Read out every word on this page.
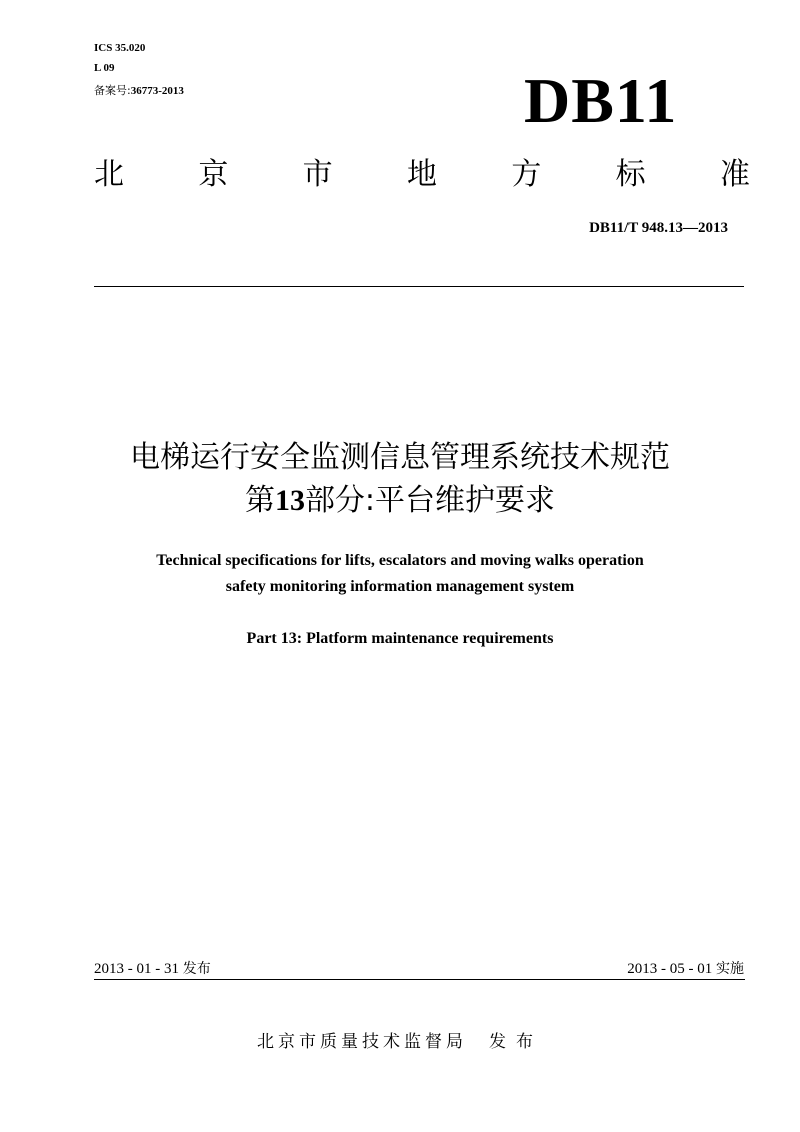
ICS 35.020
L 09
备案号:36773-2013	DB11
北 京 市 地 方 标 准
DB11/T 948.13—2013
电梯运行安全监测信息管理系统技术规范
第13部分:平台维护要求
Technical specifications for lifts, escalators and moving walks operation
safety monitoring information management system
Part 13: Platform maintenance requirements
2013 - 01 - 31 发布	2013 - 05 - 01 实施
北京市质量技术监督局 发布
